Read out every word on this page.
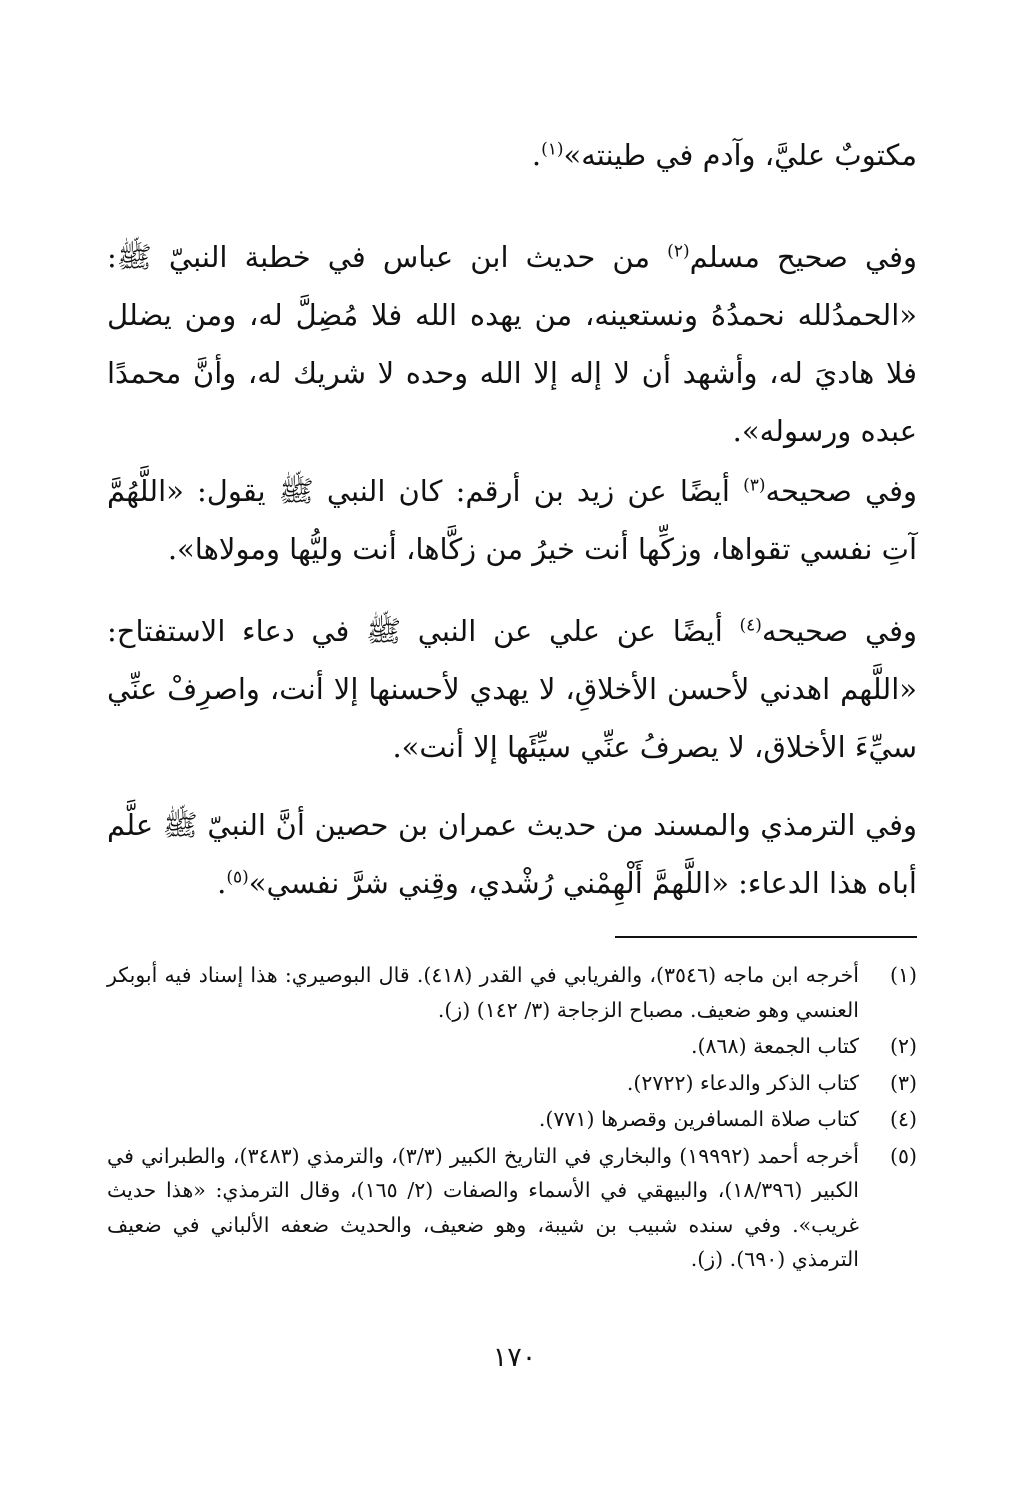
مكتوبٌ عليَّ، وآدم في طينته»$^{(١)}$.

وفي صحيح مسلم$^{(٢)}$ من حديث ابن عباس في خطبة النبيّ ﷺ: «الحمدُلله نحمدُهُ ونستعينه، من يهده الله فلا مُضِلَّ له، ومن يضلل فلا هاديَ له، وأشهد أن لا إله إلا الله وحده لا شريك له، وأنَّ محمدًا عبده ورسوله».

وفي صحيحه$^{(٣)}$ أيضًا عن زيد بن أرقم: كان النبي ﷺ يقول: «اللَّهُمَّ آتِ نفسي تقواها، وزكِّها أنت خيرُ من زكَّاها، أنت وليُّها ومولاها».

وفي صحيحه$^{(٤)}$ أيضًا عن علي عن النبي ﷺ في دعاء الاستفتاح: «اللَّهم اهدني لأحسن الأخلاقِ، لا يهدي لأحسنها إلا أنت، واصرِفْ عنِّي سيِّءَ الأخلاق، لا يصرفُ عنِّي سيِّئَها إلا أنت».

وفي الترمذي والمسند من حديث عمران بن حصين أنَّ النبيّ ﷺ علَّم أباه هذا الدعاء: «اللَّهمَّ أَلْهِمْني رُشْدي، وقِني شرَّ نفسي»$^{(٥)}$.

(١)
أخرجه ابن ماجه (٣٥٤٦)، والفريابي في القدر (٤١٨). قال البوصيري: هذا إسناد فيه أبوبكر العنسي وهو ضعيف. مصباح الزجاجة (٣/ ١٤٢) (ز).
(٢)
كتاب الجمعة (٨٦٨).
(٣)
كتاب الذكر والدعاء (٢٧٢٢).
(٤)
كتاب صلاة المسافرين وقصرها (٧٧١).
(٥)
أخرجه أحمد (١٩٩٩٢) والبخاري في التاريخ الكبير (٣/٣)، والترمذي (٣٤٨٣)، والطبراني في الكبير (١٨/٣٩٦)، والبيهقي في الأسماء والصفات (٢/ ١٦٥)، وقال الترمذي: «هذا حديث غريب». وفي سنده شبيب بن شيبة، وهو ضعيف، والحديث ضعفه الألباني في ضعيف الترمذي (٦٩٠). (ز).
١٧٠
